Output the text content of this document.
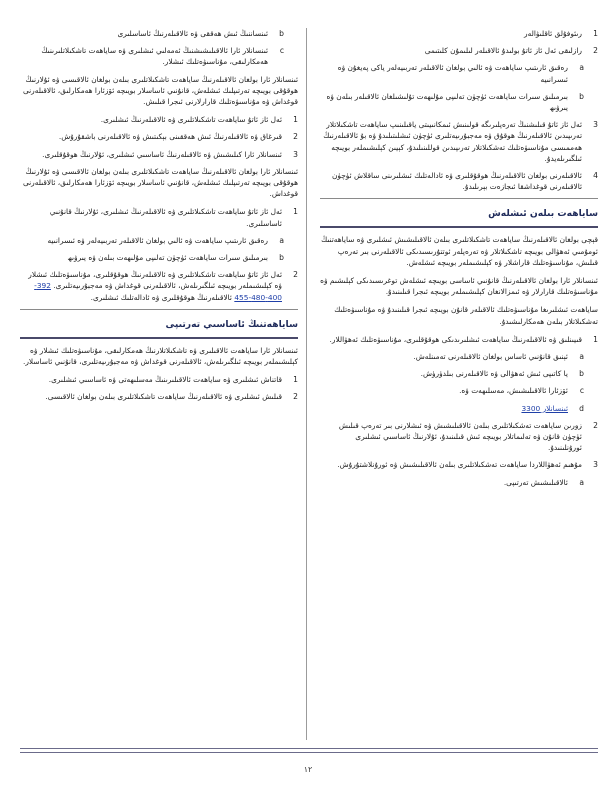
1
رىئوفۇلق ئاقلىۋالەر
2
رازلىقى ئەل ئاز ئاتۇ بولىدۇ ئالاقىلەر لىلىمۇن كلىتىمى
a
رەقىق ئارىتىپ ساياھەت ۋە ئالىي بولغان ئالاقىلەر تەربىيەلەر ياكى پەيغۇن ۋە ئىسرانىيە
b
بىرمىلىق سىرات ساياھەت ئۈچۈن تەلىپى مۇلىھەت تۇلىشىلغان ئالاقىلەر بىلەن ۋە يىرۋىھ
3
ئەل ئاز ئاتۇ قىلىشنىڭ تەرەپلىرىگە قولىنىش ئىمكانىيىتى ياقىلىنىپ ساياھەت تاشكىلاتلار تەرىپىدىن ئالاقىلەرنىڭ ھوقۇق ۋە مەجبۇرىيەتلىرى ئۈچۈن ئىشلىتىلىدۇ ۋە بۇ ئالاقىلەرنىڭ ھەممىسى مۇناسىۋەتلىك تەشكىلاتلار تەرىپىدىن قوللىنىلىدۇ، كېيىن كېلىشىملەر بويىچە ئىلگىرىلەيدۇ.
4
ئالاقىلەرنى بولغان ئالاقىلەرنىڭ ھوقۇقلىرى ۋە ئادالەتلىك ئىشلىرىنى ساقلاش ئۈچۈن ئالاقىلەرنى قوغداشقا ئىجازەت بېرىلىدۇ.
ساياھەت بىلەن ئىشلەش

قېچى بولغان ئالاقىلەرنىڭ ساياھەت تاشكىلاتلىرى بىلەن ئالاقىلىشىش ئىشلىرى ۋە ساياھەتنىڭ ئومۇمىي ئەھۋالى بويىچە تاشكىلاتلار ۋە تەرەپلەر ئوتتۇرىسىدىكى ئالاقىلەرنى بىر تەرەپ قىلىش، مۇناسىۋەتلىك قاراشلار ۋە كېلىشىملەر بويىچە ئىشلەش.

ئىنسانلار ئارا بولغان ئالاقىلەرنىڭ قانۇنىي ئاساسى بويىچە ئىشلەش توغرىسىدىكى كېلىشىم ۋە مۇناسىۋەتلىك قارارلار ۋە ئىمزالانغان كېلىشىملەر بويىچە ئىجرا قىلىنىدۇ.

ساياھەت ئىشلىرىغا مۇناسىۋەتلىك ئالاقىلەر قانۇن بويىچە ئىجرا قىلىنىدۇ ۋە مۇناسىۋەتلىك تەشكىلاتلار بىلەن ھەمكارلىشىدۇ.

1
قىيىنلىق ۋە ئالاقىلەرنىڭ ساياھەت ئىشلىرىدىكى ھوقۇقلىرى، مۇناسىۋەتلىك ئەھۋاللار.
a
ئېنىق قانۇنىي ئاساس بولغان ئالاقىلەرنى تەمىنلەش.
b
يا كاتىپى ئىش ئەھۋالى ۋە ئالاقىلەرنى بىلدۈرۈش.
c
ئۆزئارا ئالاقىلىشىش، مەسلىھەت ۋە.
d
ئىنسانلار 3300
2
زورىن ساياھەت تەشكىلاتلىرى بىلەن ئالاقىلىشىش ۋە ئىشلارنى بىر تەرەپ قىلىش ئۈچۈن قانۇن ۋە تەلىماتلار بويىچە ئىش قىلىنىدۇ، ئۇلارنىڭ ئاساسىي ئىشلىرى ئورۇنلىنىدۇ.
3
مۇھىم ئەھۋاللاردا ساياھەت تەشكىلاتلىرى بىلەن ئالاقىلىشىش ۋە ئورۇنلاشتۇرۇش.
a
ئالاقىلىشىش تەرتىپى.
b
ئىنساننىڭ ئىش ھەققى ۋە ئالاقىلەرنىڭ ئاساسلىرى
c
ئىنسانلار ئارا ئالاقىلىشىشنىڭ ئەمەلىي ئىشلىرى ۋە ساياھەت تاشكىلاتلىرىنىڭ ھەمكارلىقى، مۇناسىۋەتلىك ئىشلار.

ئىنسانلار ئارا بولغان ئالاقىلەرنىڭ ساياھەت تاشكىلاتلىرى بىلەن بولغان ئالاقىسى ۋە ئۇلارنىڭ ھوقۇقى بويىچە تەرتىپلىك ئىشلەش، قانۇنىي ئاساسلار بويىچە ئۆزئارا ھەمكارلىق، ئالاقىلەرنى قوغداش ۋە مۇناسىۋەتلىك قارارلارنى ئىجرا قىلىش.

1
ئەل ئاز ئاتۇ ساياھەت تاشكىلاتلىرى ۋە ئالاقىلەرنىڭ ئىشلىرى.
2
قىرغاق ۋە ئالاقىلەرنىڭ ئىش ھەققىنى بېكىتىش ۋە ئالاقىلەرنى باشقۇرۇش.
3
ئىنسانلار ئارا كىلىشىش ۋە ئالاقىلەرنىڭ ئاساسىي ئىشلىرى، ئۇلارنىڭ ھوقۇقلىرى.

ئىنسانلار ئارا بولغان ئالاقىلەرنىڭ ساياھەت تاشكىلاتلىرى بىلەن بولغان ئالاقىسى ۋە ئۇلارنىڭ ھوقۇقى بويىچە تەرتىپلىك ئىشلەش، قانۇنىي ئاساسلار بويىچە ئۆزئارا ھەمكارلىق، ئالاقىلەرنى قوغداش.

1
ئەل ئاز ئاتۇ ساياھەت تاشكىلاتلىرى ۋە ئالاقىلەرنىڭ ئىشلىرى، ئۇلارنىڭ قانۇنىي ئاساسلىرى.
a
رەقىق ئارىتىپ ساياھەت ۋە ئالىي بولغان ئالاقىلەر تەربىيەلەر ۋە ئىسرانىيە
b
بىرمىلىق سىرات ساياھەت ئۈچۈن تەلىپى مۇلىھەت بىلەن ۋە يىرۋىھ
2
ئەل ئاز ئاتۇ ساياھەت تاشكىلاتلىرى ۋە ئالاقىلەرنىڭ ھوقۇقلىرى، مۇناسىۋەتلىك ئىشلار ۋە كېلىشىملەر بويىچە ئىلگىرىلەش، ئالاقىلەرنى قوغداش ۋە مەجبۇرىيەتلىرى. 392-400-480-455 ئالاقىلەرنىڭ ھوقۇقلىرى ۋە ئادالەتلىك ئىشلىرى.
ساياھەتنىڭ ئاساسىي تەرتىپى

ئىنسانلار ئارا ساياھەت ئالاقىلىرى ۋە تاشكىلاتلارنىڭ ھەمكارلىقى، مۇناسىۋەتلىك ئىشلار ۋە كېلىشىملەر بويىچە ئىلگىرىلەش، ئالاقىلەرنى قوغداش ۋە مەجبۇرىيەتلىرى، قانۇنىي ئاساسلار.

1
قاتناش ئىشلىرى ۋە ساياھەت ئالاقىلىرىنىڭ مەسلىھەتى ۋە ئاساسىي ئىشلىرى.
2
قىلىش ئىشلىرى ۋە ئالاقىلەرنىڭ ساياھەت تاشكىلاتلىرى بىلەن بولغان ئالاقىسى.
١٢
